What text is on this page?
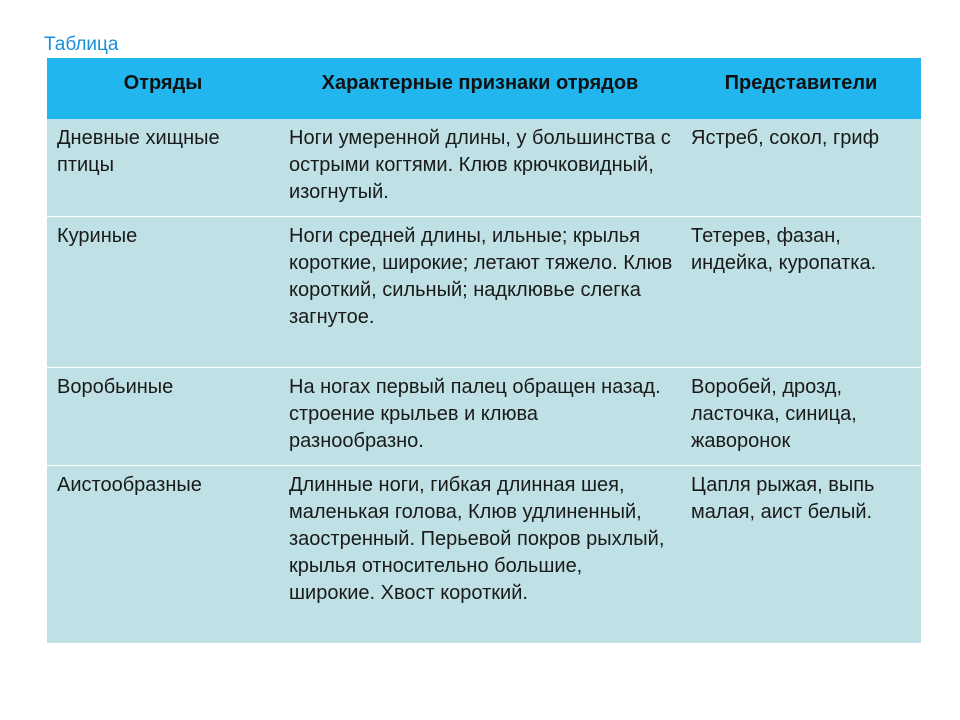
Таблица
Отряды	Характерные признаки отрядов	Представители
Дневные хищные птицы	Ноги умеренной длины, у большинства с острыми когтями. Клюв крючковидный, изогнутый.	Ястреб, сокол, гриф
Куриные	Ноги средней длины, ильные; крылья короткие, широкие; летают тяжело. Клюв короткий, сильный; надклювье слегка загнутое.	Тетерев, фазан, индейка, куропатка.
Воробьиные	На ногах первый палец обращен назад. строение крыльев и клюва разнообразно.	Воробей, дрозд, ласточка, синица, жаворонок
Аистообразные	Длинные ноги, гибкая длинная шея, маленькая голова, Клюв удлиненный, заостренный. Перьевой покров рыхлый, крылья относительно большие, широкие. Хвост короткий.	Цапля рыжая, выпь малая, аист белый.
